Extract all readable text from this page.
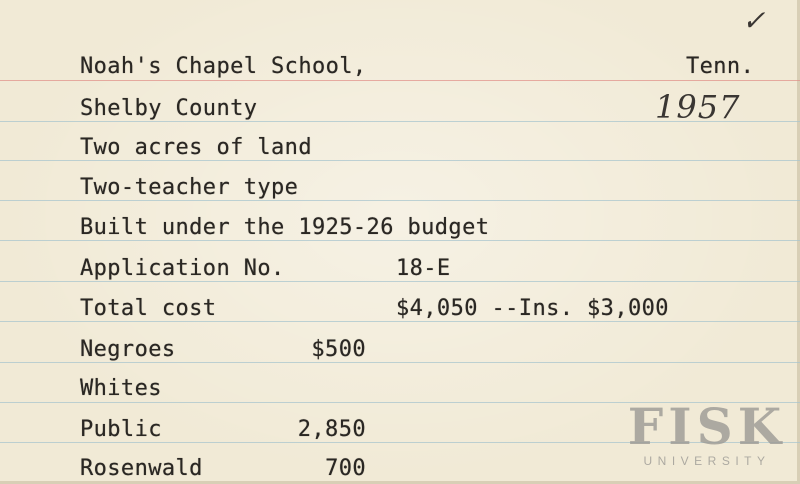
✓
1957
Noah's Chapel School,	Tenn.
Shelby County
Two acres of land
Two-teacher type
Built under the 1925-26 budget
Application No.	18-E
Total cost	$4,050 --Ins. $3,000
Negroes	$500
Whites
Public	2,850
Rosenwald	700
FISK
UNIVERSITY
